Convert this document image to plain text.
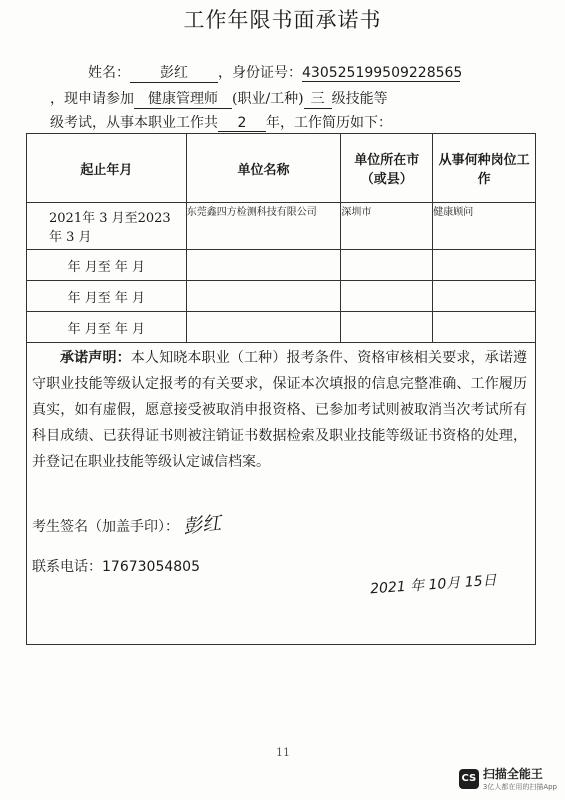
工作年限书面承诺书
姓名： 彭红 ，身份证号：430525199509228565
，现申请参加 健康管理师 (职业/工种) 三 级技能等
级考试，从事本职业工作共 2 年，工作简历如下：
起止年月	单位名称	单位所在市（或县）	从事何种岗位工作
2021年 3 月至2023 年 3 月	东莞鑫四方检测科技有限公司	深圳市	健康顾问
年 月至 年 月			
年 月至 年 月			
年 月至 年 月			
承诺声明：本人知晓本职业（工种）报考条件、资格审核相关要求，承诺遵守职业技能等级认定报考的有关要求，保证本次填报的信息完整准确、工作履历真实，如有虚假，愿意接受被取消申报资格、已参加考试则被取消当次考试所有科目成绩、已获得证书则被注销证书数据检索及职业技能等级证书资格的处理，并登记在职业技能等级认定诚信档案。
考生签名（加盖手印）： 彭红
联系电话：17673054805
2021 年 10月 15日
11
CS 扫描全能王
3亿人都在用的扫描App
